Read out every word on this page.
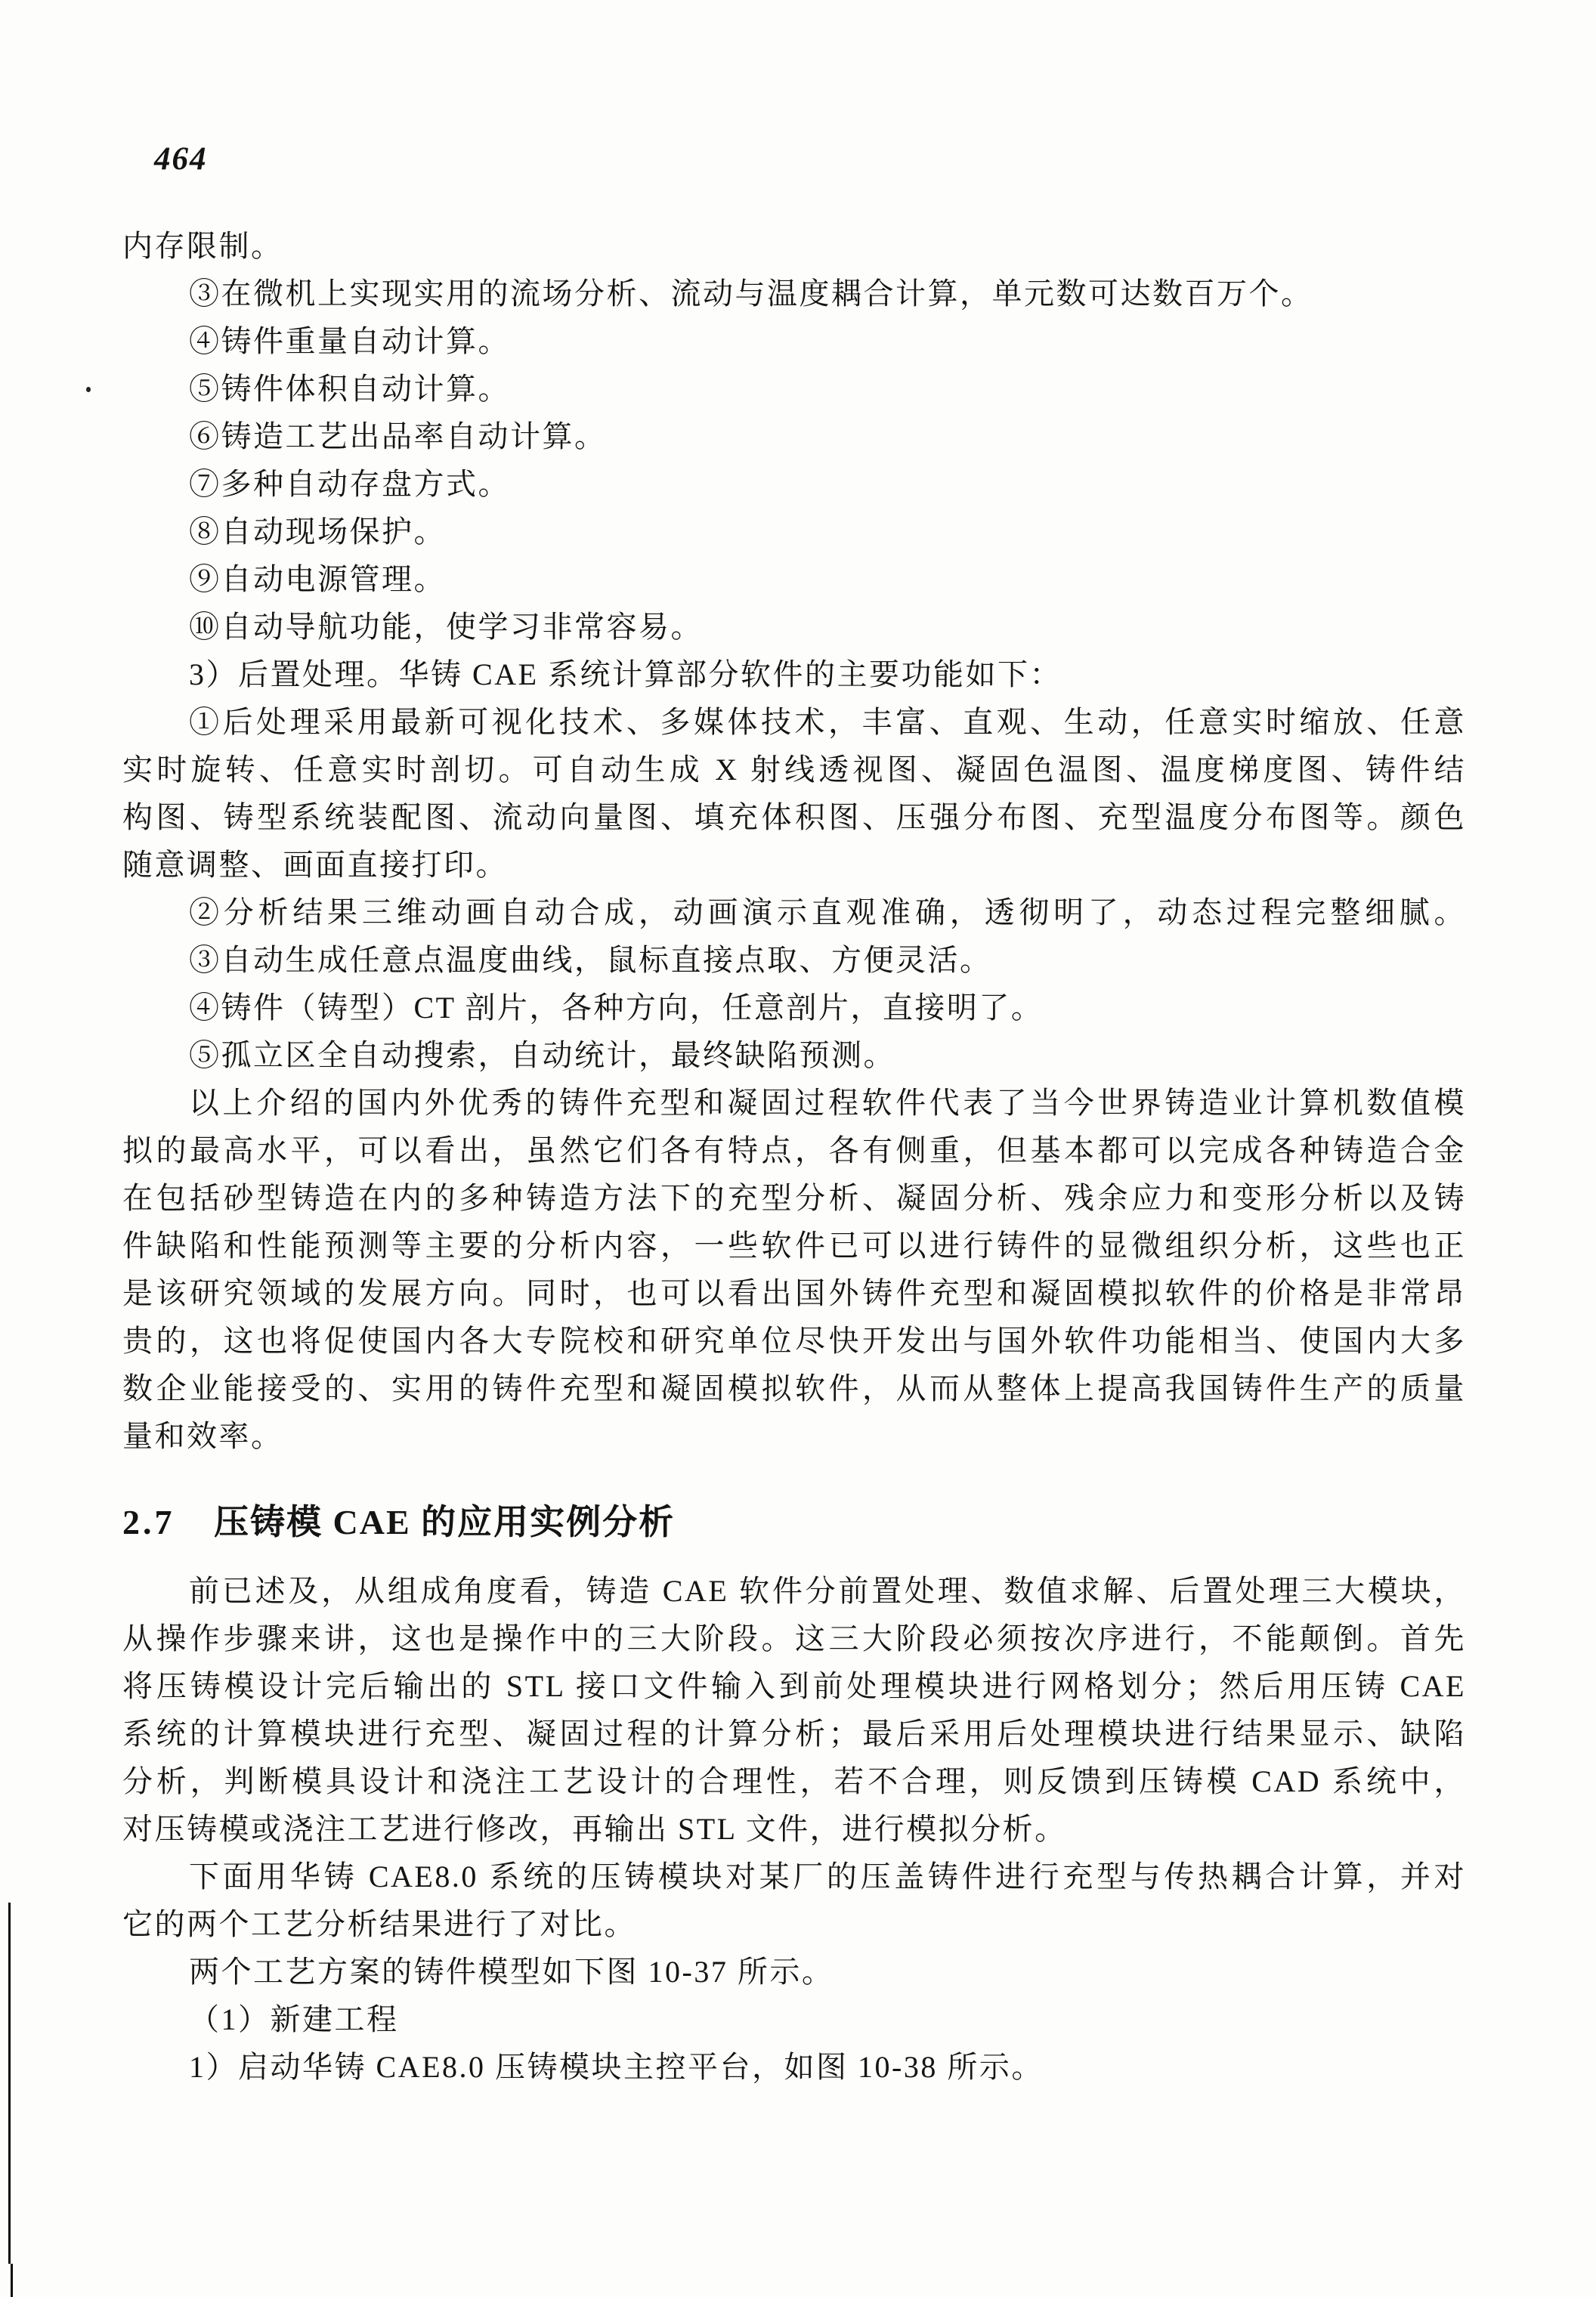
464
内存限制。
③在微机上实现实用的流场分析、流动与温度耦合计算，单元数可达数百万个。
④铸件重量自动计算。
⑤铸件体积自动计算。
⑥铸造工艺出品率自动计算。
⑦多种自动存盘方式。
⑧自动现场保护。
⑨自动电源管理。
⑩自动导航功能，使学习非常容易。
3）后置处理。华铸 CAE 系统计算部分软件的主要功能如下：
①后处理采用最新可视化技术、多媒体技术，丰富、直观、生动，任意实时缩放、任意
实时旋转、任意实时剖切。可自动生成 X 射线透视图、凝固色温图、温度梯度图、铸件结
构图、铸型系统装配图、流动向量图、填充体积图、压强分布图、充型温度分布图等。颜色
随意调整、画面直接打印。
②分析结果三维动画自动合成，动画演示直观准确，透彻明了，动态过程完整细腻。
③自动生成任意点温度曲线，鼠标直接点取、方便灵活。
④铸件（铸型）CT 剖片，各种方向，任意剖片，直接明了。
⑤孤立区全自动搜索，自动统计，最终缺陷预测。
以上介绍的国内外优秀的铸件充型和凝固过程软件代表了当今世界铸造业计算机数值模
拟的最高水平，可以看出，虽然它们各有特点，各有侧重，但基本都可以完成各种铸造合金
在包括砂型铸造在内的多种铸造方法下的充型分析、凝固分析、残余应力和变形分析以及铸
件缺陷和性能预测等主要的分析内容，一些软件已可以进行铸件的显微组织分析，这些也正
是该研究领域的发展方向。同时，也可以看出国外铸件充型和凝固模拟软件的价格是非常昂
贵的，这也将促使国内各大专院校和研究单位尽快开发出与国外软件功能相当、使国内大多
数企业能接受的、实用的铸件充型和凝固模拟软件，从而从整体上提高我国铸件生产的质量
量和效率。
2.7 压铸模 CAE 的应用实例分析
前已述及，从组成角度看，铸造 CAE 软件分前置处理、数值求解、后置处理三大模块，
从操作步骤来讲，这也是操作中的三大阶段。这三大阶段必须按次序进行，不能颠倒。首先
将压铸模设计完后输出的 STL 接口文件输入到前处理模块进行网格划分；然后用压铸 CAE
系统的计算模块进行充型、凝固过程的计算分析；最后采用后处理模块进行结果显示、缺陷
分析，判断模具设计和浇注工艺设计的合理性，若不合理，则反馈到压铸模 CAD 系统中，
对压铸模或浇注工艺进行修改，再输出 STL 文件，进行模拟分析。
下面用华铸 CAE8.0 系统的压铸模块对某厂的压盖铸件进行充型与传热耦合计算，并对
它的两个工艺分析结果进行了对比。
两个工艺方案的铸件模型如下图 10-37 所示。
（1）新建工程
1）启动华铸 CAE8.0 压铸模块主控平台，如图 10-38 所示。
